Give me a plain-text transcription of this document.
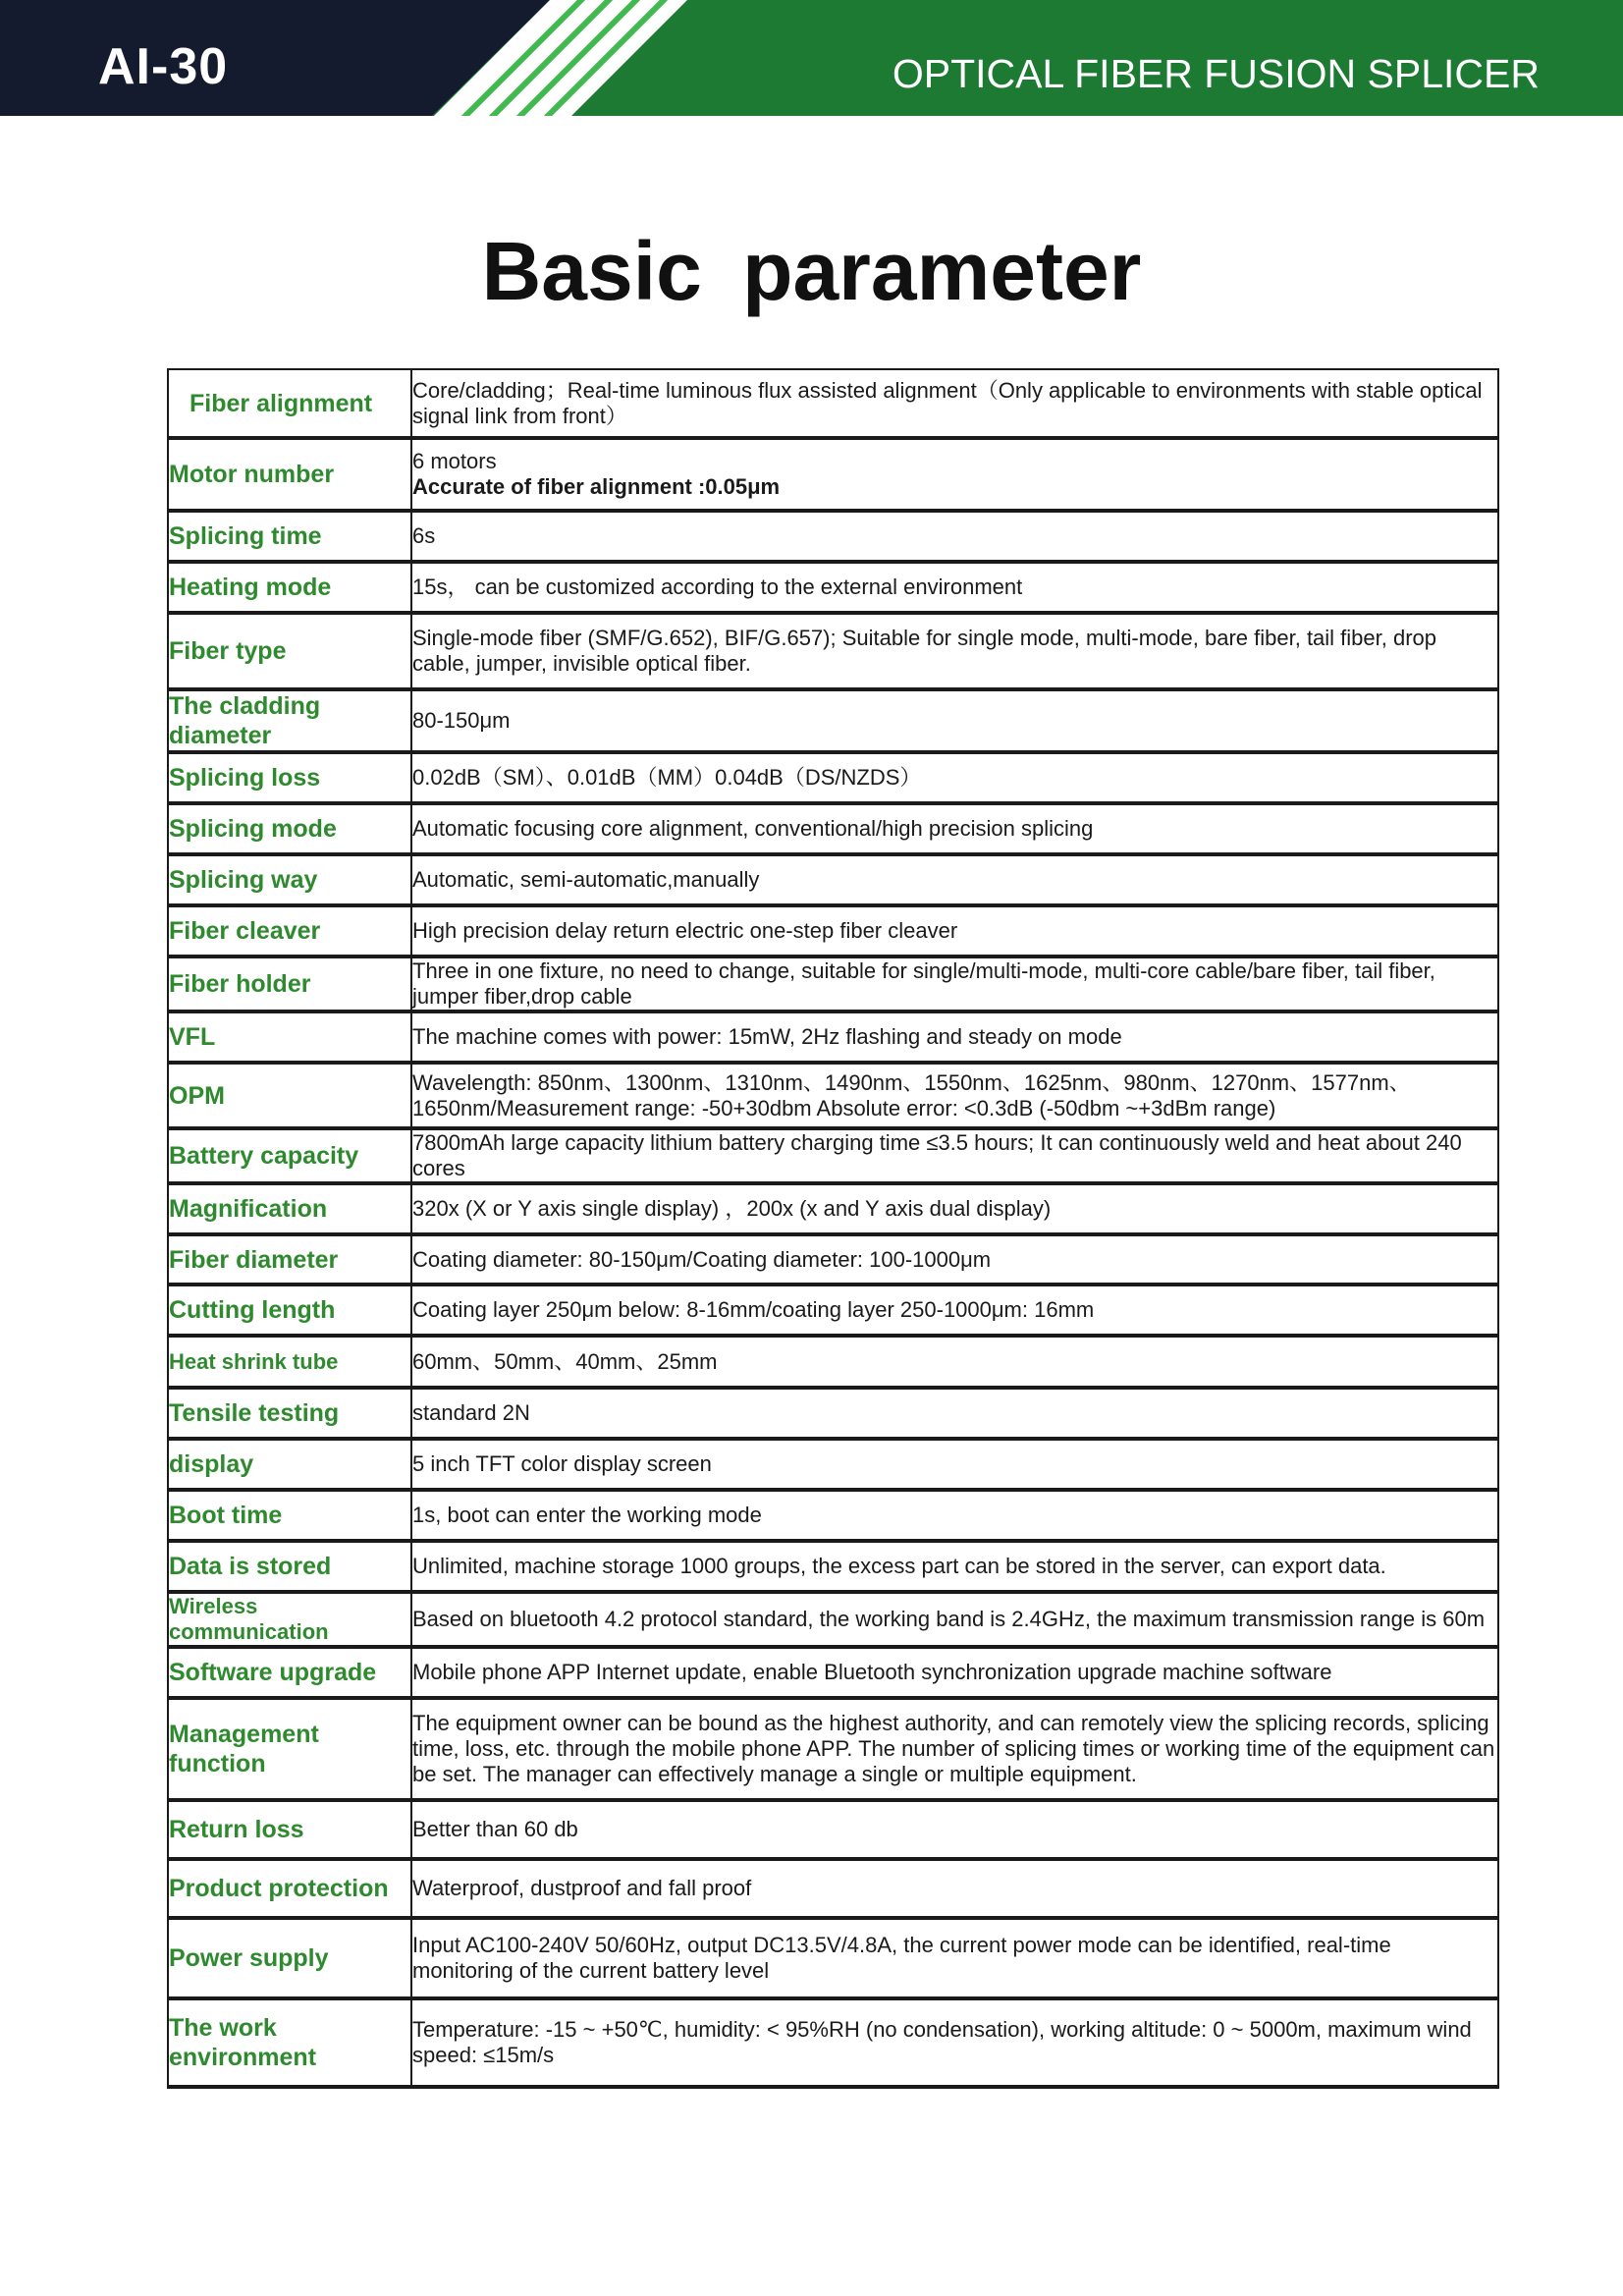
AI-30	OPTICAL FIBER FUSION SPLICER
Basic parameter
Fiber alignment	Core/cladding；Real-time luminous flux assisted alignment（Only applicable to environments with stable optical signal link from front）
Motor number	6 motors
Accurate of fiber alignment :0.05μm

Splicing time	6s
Heating mode	15s， can be customized according to the external environment
Fiber type	Single-mode fiber (SMF/G.652), BIF/G.657); Suitable for single mode, multi-mode, bare fiber, tail fiber, drop cable, jumper, invisible optical fiber.
The cladding diameter	80-150μm
Splicing loss	0.02dB（SM）、0.01dB（MM）0.04dB（DS/NZDS）
Splicing mode	Automatic focusing core alignment, conventional/high precision splicing
Splicing way	Automatic, semi-automatic,manually
Fiber cleaver	High precision delay return electric one-step fiber cleaver
Fiber holder	Three in one fixture, no need to change, suitable for single/multi-mode, multi-core cable/bare fiber, tail fiber, jumper fiber,drop cable
VFL	The machine comes with power: 15mW, 2Hz flashing and steady on mode
OPM	Wavelength: 850nm、1300nm、1310nm、1490nm、1550nm、1625nm、980nm、1270nm、1577nm、1650nm/Measurement range: -50+30dbm Absolute error: <0.3dB (-50dbm ~+3dBm range)
Battery capacity	7800mAh large capacity lithium battery charging time ≤3.5 hours; It can continuously weld and heat about 240 cores
Magnification	320x (X or Y axis single display) ，200x (x and Y axis dual display)
Fiber diameter	Coating diameter: 80-150μm/Coating diameter: 100-1000μm
Cutting length	Coating layer 250μm below: 8-16mm/coating layer 250-1000μm: 16mm
Heat shrink tube	60mm、50mm、40mm、25mm
Tensile testing	standard 2N
display	5 inch TFT color display screen
Boot time	1s, boot can enter the working mode
Data is stored	Unlimited, machine storage 1000 groups, the excess part can be stored in the server, can export data.
Wireless communication	Based on bluetooth 4.2 protocol standard, the working band is 2.4GHz, the maximum transmission range is 60m
Software upgrade	Mobile phone APP Internet update, enable Bluetooth synchronization upgrade machine software
Management function	The equipment owner can be bound as the highest authority, and can remotely view the splicing records, splicing time, loss, etc. through the mobile phone APP. The number of splicing times or working time of the equipment can be set. The manager can effectively manage a single or multiple equipment.
Return loss	Better than 60 db
Product protection	Waterproof, dustproof and fall proof
Power supply	Input AC100-240V 50/60Hz, output DC13.5V/4.8A, the current power mode can be identified, real-time monitoring of the current battery level
The work environment	Temperature: -15 ~ +50℃, humidity: < 95%RH (no condensation), working altitude: 0 ~ 5000m, maximum wind speed: ≤15m/s
